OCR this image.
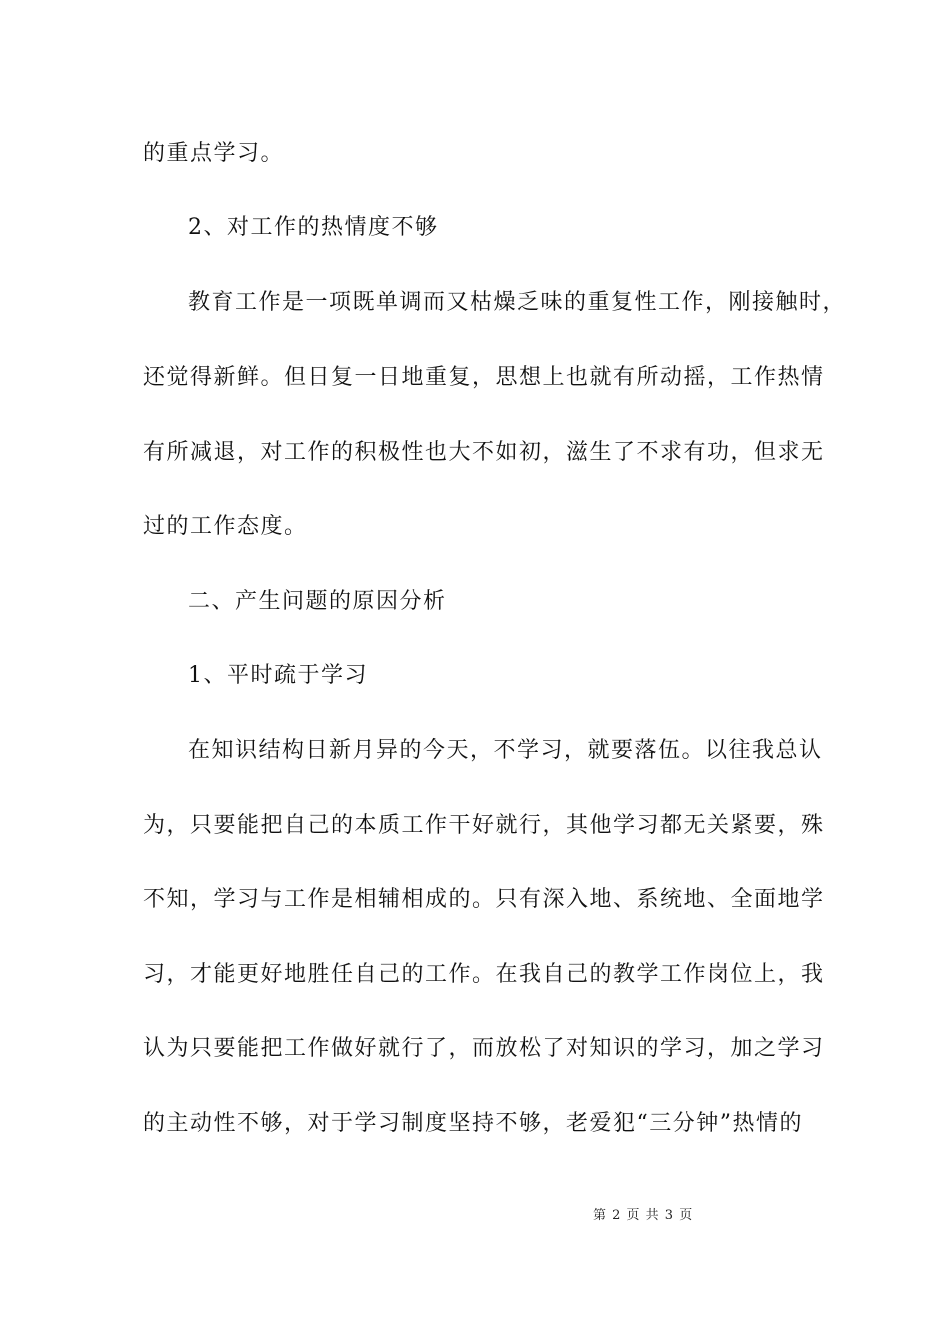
的重点学习。

2、对工作的热情度不够

教育工作是一项既单调而又枯燥乏味的重复性工作，刚接触时，

还觉得新鲜。但日复一日地重复，思想上也就有所动摇，工作热情

有所减退，对工作的积极性也大不如初，滋生了不求有功，但求无

过的工作态度。

二、产生问题的原因分析

1、平时疏于学习

在知识结构日新月异的今天，不学习，就要落伍。以往我总认

为，只要能把自己的本质工作干好就行，其他学习都无关紧要，殊

不知，学习与工作是相辅相成的。只有深入地、系统地、全面地学

习，才能更好地胜任自己的工作。在我自己的教学工作岗位上，我

认为只要能把工作做好就行了，而放松了对知识的学习，加之学习

的主动性不够，对于学习制度坚持不够，老爱犯“三分钟”热情的

第 2 页 共 3 页
